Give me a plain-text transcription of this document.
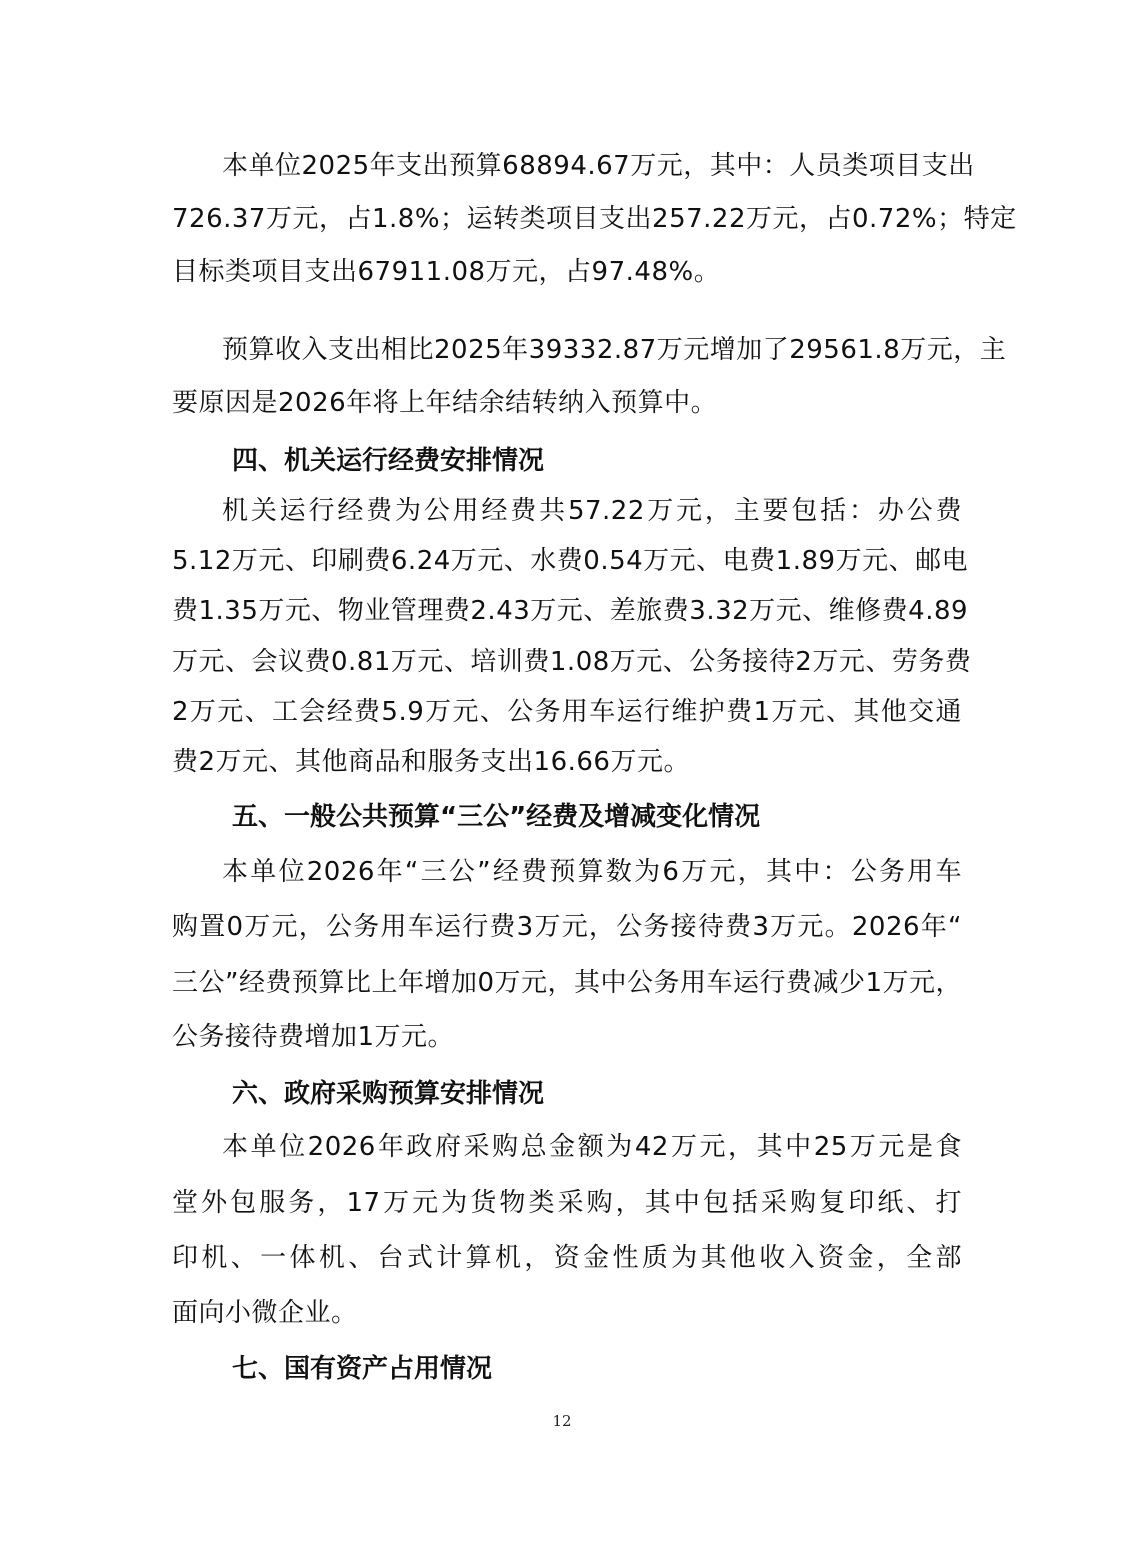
本单位2025年支出预算68894.67万元，其中：人员类项目支出
726.37万元，占1.8%；运转类项目支出257.22万元，占0.72%；特定
目标类项目支出67911.08万元，占97.48%。
预算收入支出相比2025年39332.87万元增加了29561.8万元，主
要原因是2026年将上年结余结转纳入预算中。
四、机关运行经费安排情况
机关运行经费为公用经费共57.22万元，主要包括：办公费
5.12万元、印刷费6.24万元、水费0.54万元、电费1.89万元、邮电
费1.35万元、物业管理费2.43万元、差旅费3.32万元、维修费4.89
万元、会议费0.81万元、培训费1.08万元、公务接待2万元、劳务费
2万元、工会经费5.9万元、公务用车运行维护费1万元、其他交通
费2万元、其他商品和服务支出16.66万元。
五、一般公共预算“三公”经费及增减变化情况
本单位2026年“三公”经费预算数为6万元，其中：公务用车
购置0万元，公务用车运行费3万元，公务接待费3万元。2026年“
三公”经费预算比上年增加0万元，其中公务用车运行费减少1万元，
公务接待费增加1万元。
六、政府采购预算安排情况
本单位2026年政府采购总金额为42万元，其中25万元是食
堂外包服务，17万元为货物类采购，其中包括采购复印纸、打
印机、一体机、台式计算机，资金性质为其他收入资金，全部
面向小微企业。
七、国有资产占用情况
12
